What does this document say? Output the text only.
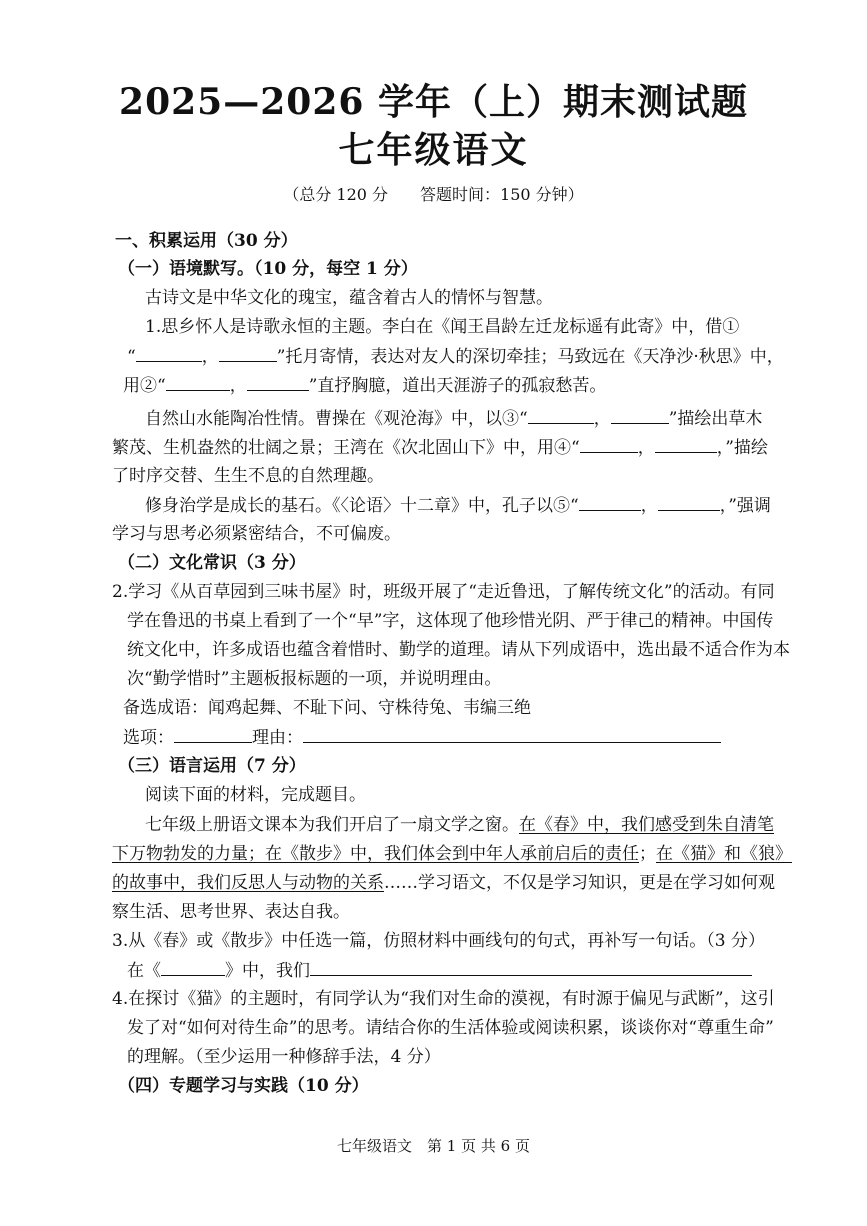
2025—2026 学年（上）期末测试题
七年级语文
（总分 120 分　　答题时间：150 分钟）
一、积累运用（30 分）
（一）语境默写。（10 分，每空 1 分）
古诗文是中华文化的瑰宝，蕴含着古人的情怀与智慧。
1.思乡怀人是诗歌永恒的主题。李白在《闻王昌龄左迁龙标遥有此寄》中，借①
“	，	”托月寄情，表达对友人的深切牵挂；马致远在《天净沙·秋思》中，
用②“	，	”直抒胸臆，道出天涯游子的孤寂愁苦。
自然山水能陶冶性情。曹操在《观沧海》中，以③“	，	”描绘出草木
繁茂、生机盎然的壮阔之景；王湾在《次北固山下》中，用④“	，	，”描绘
了时序交替、生生不息的自然理趣。
修身治学是成长的基石。《〈论语〉十二章》中，孔子以⑤“	，	，”强调
学习与思考必须紧密结合，不可偏废。
（二）文化常识（3 分）
2.学习《从百草园到三味书屋》时，班级开展了“走近鲁迅，了解传统文化”的活动。有同
学在鲁迅的书桌上看到了一个“早”字，这体现了他珍惜光阴、严于律己的精神。中国传
统文化中，许多成语也蕴含着惜时、勤学的道理。请从下列成语中，选出最不适合作为本
次“勤学惜时”主题板报标题的一项，并说明理由。
备选成语：闻鸡起舞、不耻下问、守株待兔、韦编三绝
选项：	理由：
（三）语言运用（7 分）
阅读下面的材料，完成题目。
七年级上册语文课本为我们开启了一扇文学之窗。在《春》中，我们感受到朱自清笔
下万物勃发的力量；在《散步》中，我们体会到中年人承前启后的责任；在《猫》和《狼》
的故事中，我们反思人与动物的关系……学习语文，不仅是学习知识，更是在学习如何观
察生活、思考世界、表达自我。
3.从《春》或《散步》中任选一篇，仿照材料中画线句的句式，再补写一句话。（3 分）
在《	》中，我们
4.在探讨《猫》的主题时，有同学认为“我们对生命的漠视，有时源于偏见与武断”，这引
发了对“如何对待生命”的思考。请结合你的生活体验或阅读积累，谈谈你对“尊重生命”
的理解。（至少运用一种修辞手法，4 分）
（四）专题学习与实践（10 分）
七年级语文　第 1 页 共 6 页
